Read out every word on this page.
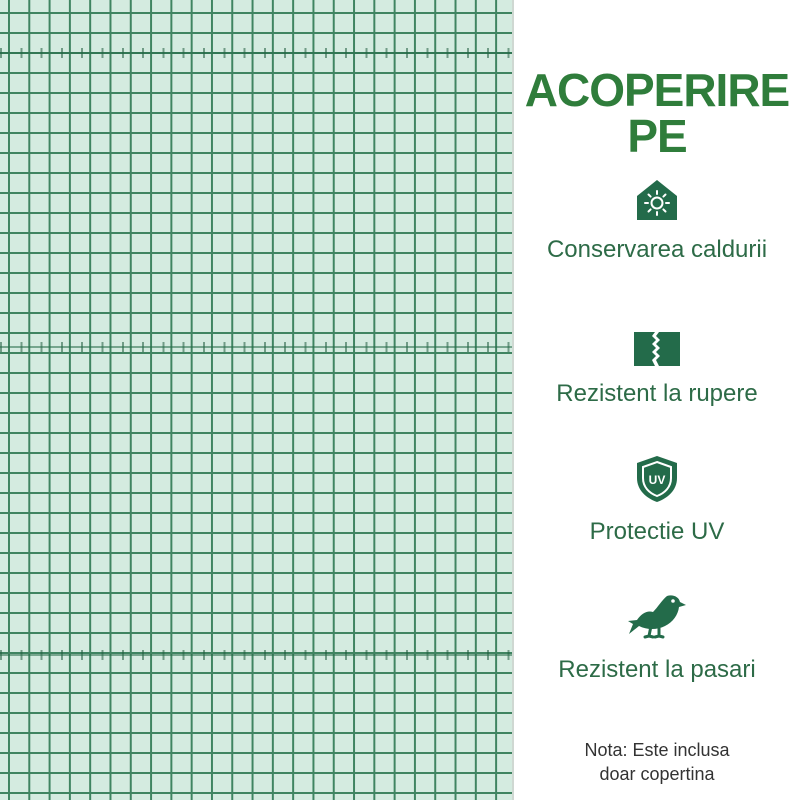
ACOPERIRE
PE
Conservarea caldurii
Rezistent la rupere
UV
Protectie UV
Rezistent la pasari
Nota: Este inclusa
doar copertina
